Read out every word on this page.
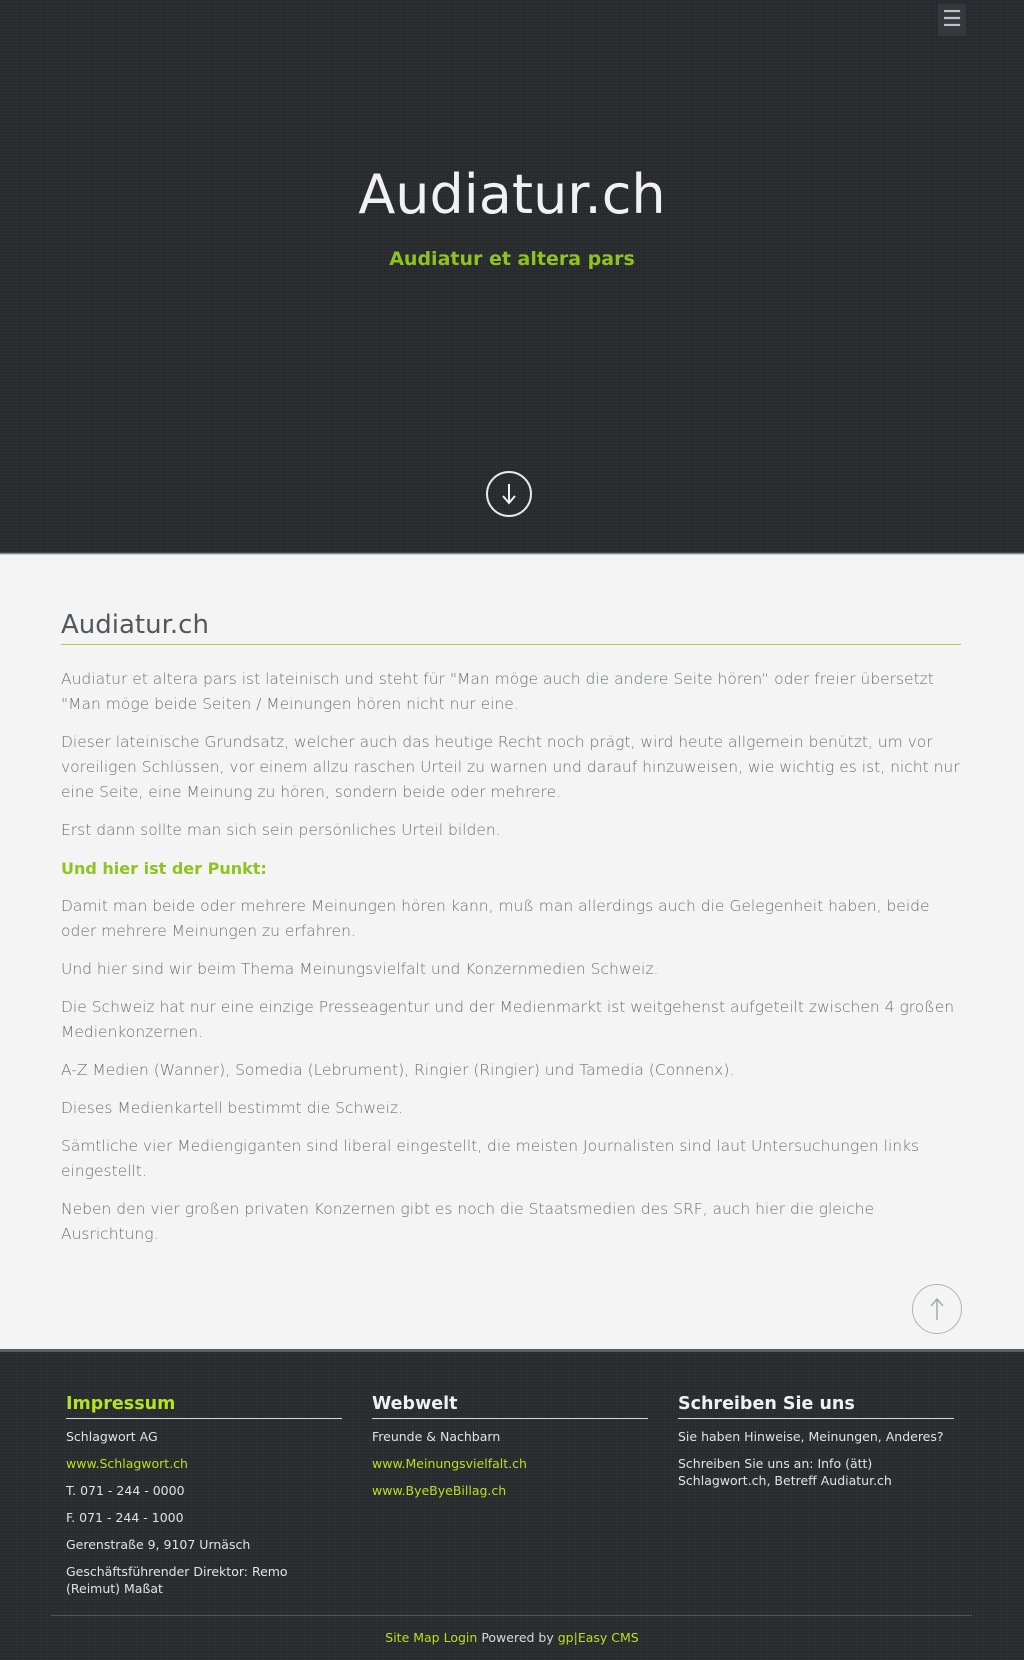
☰
Audiatur.ch
Audiatur et altera pars
Audiatur.ch

Audiatur et altera pars ist lateinisch und steht für "Man möge auch die andere Seite hören“ oder freier übersetzt "Man möge beide Seiten / Meinungen hören nicht nur eine.

Dieser lateinische Grundsatz, welcher auch das heutige Recht noch prägt, wird heute allgemein benützt, um vor voreiligen Schlüssen, vor einem allzu raschen Urteil zu warnen und darauf hinzuweisen, wie wichtig es ist, nicht nur eine Seite, eine Meinung zu hören, sondern beide oder mehrere.

Erst dann sollte man sich sein persönliches Urteil bilden.

Und hier ist der Punkt:

Damit man beide oder mehrere Meinungen hören kann, muß man allerdings auch die Gelegenheit haben, beide oder mehrere Meinungen zu erfahren.

Und hier sind wir beim Thema Meinungsvielfalt und Konzernmedien Schweiz.

Die Schweiz hat nur eine einzige Presseagentur und der Medienmarkt ist weitgehenst aufgeteilt zwischen 4 großen Medienkonzernen.

A-Z Medien (Wanner), Somedia (Lebrument), Ringier (Ringier) und Tamedia (Connenx).

Dieses Medienkartell bestimmt die Schweiz.

Sämtliche vier Mediengiganten sind liberal eingestellt, die meisten Journalisten sind laut Untersuchungen links eingestellt.

Neben den vier großen privaten Konzernen gibt es noch die Staatsmedien des SRF, auch hier die gleiche Ausrichtung.

Impressum
Schlagwort AG
www.Schlagwort.ch
T. 071 - 244 - 0000
F. 071 - 244 - 1000
Gerenstraße 9, 9107 Urnäsch
Geschäftsführender Direktor: Remo (Reimut) Maßat
Webwelt
Freunde & Nachbarn
www.Meinungsvielfalt.ch
www.ByeByeBillag.ch
Schreiben Sie uns
Sie haben Hinweise, Meinungen, Anderes?
Schreiben Sie uns an: Info (ätt) Schlagwort.ch, Betreff Audiatur.ch
Site Map Login Powered by gp|Easy CMS
